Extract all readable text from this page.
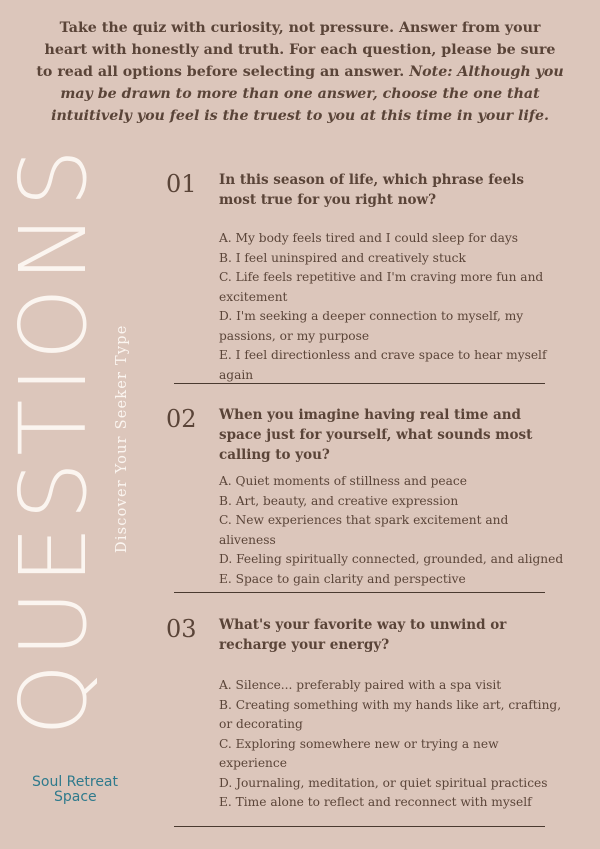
Take the quiz with curiosity, not pressure. Answer from your heart with honestly and truth. For each question, please be sure to read all options before selecting an answer. Note: Although you may be drawn to more than one answer, choose the one that intuitively you feel is the truest to you at this time in your life.
QUESTIONS Discover Your Seeker Type
Soul Retreat
Space
01 In this season of life, which phrase feels most true for you right now?
A. My body feels tired and I could sleep for days
B. I feel uninspired and creatively stuck
C. Life feels repetitive and I'm craving more fun and excitement
D. I'm seeking a deeper connection to myself, my passions, or my purpose
E. I feel directionless and crave space to hear myself again
02 When you imagine having real time and space just for yourself, what sounds most calling to you?
A. Quiet moments of stillness and peace
B. Art, beauty, and creative expression
C. New experiences that spark excitement and aliveness
D. Feeling spiritually connected, grounded, and aligned
E. Space to gain clarity and perspective
03 What's your favorite way to unwind or recharge your energy?
A. Silence... preferably paired with a spa visit
B. Creating something with my hands like art, crafting, or decorating
C. Exploring somewhere new or trying a new experience
D. Journaling, meditation, or quiet spiritual practices
E. Time alone to reflect and reconnect with myself
